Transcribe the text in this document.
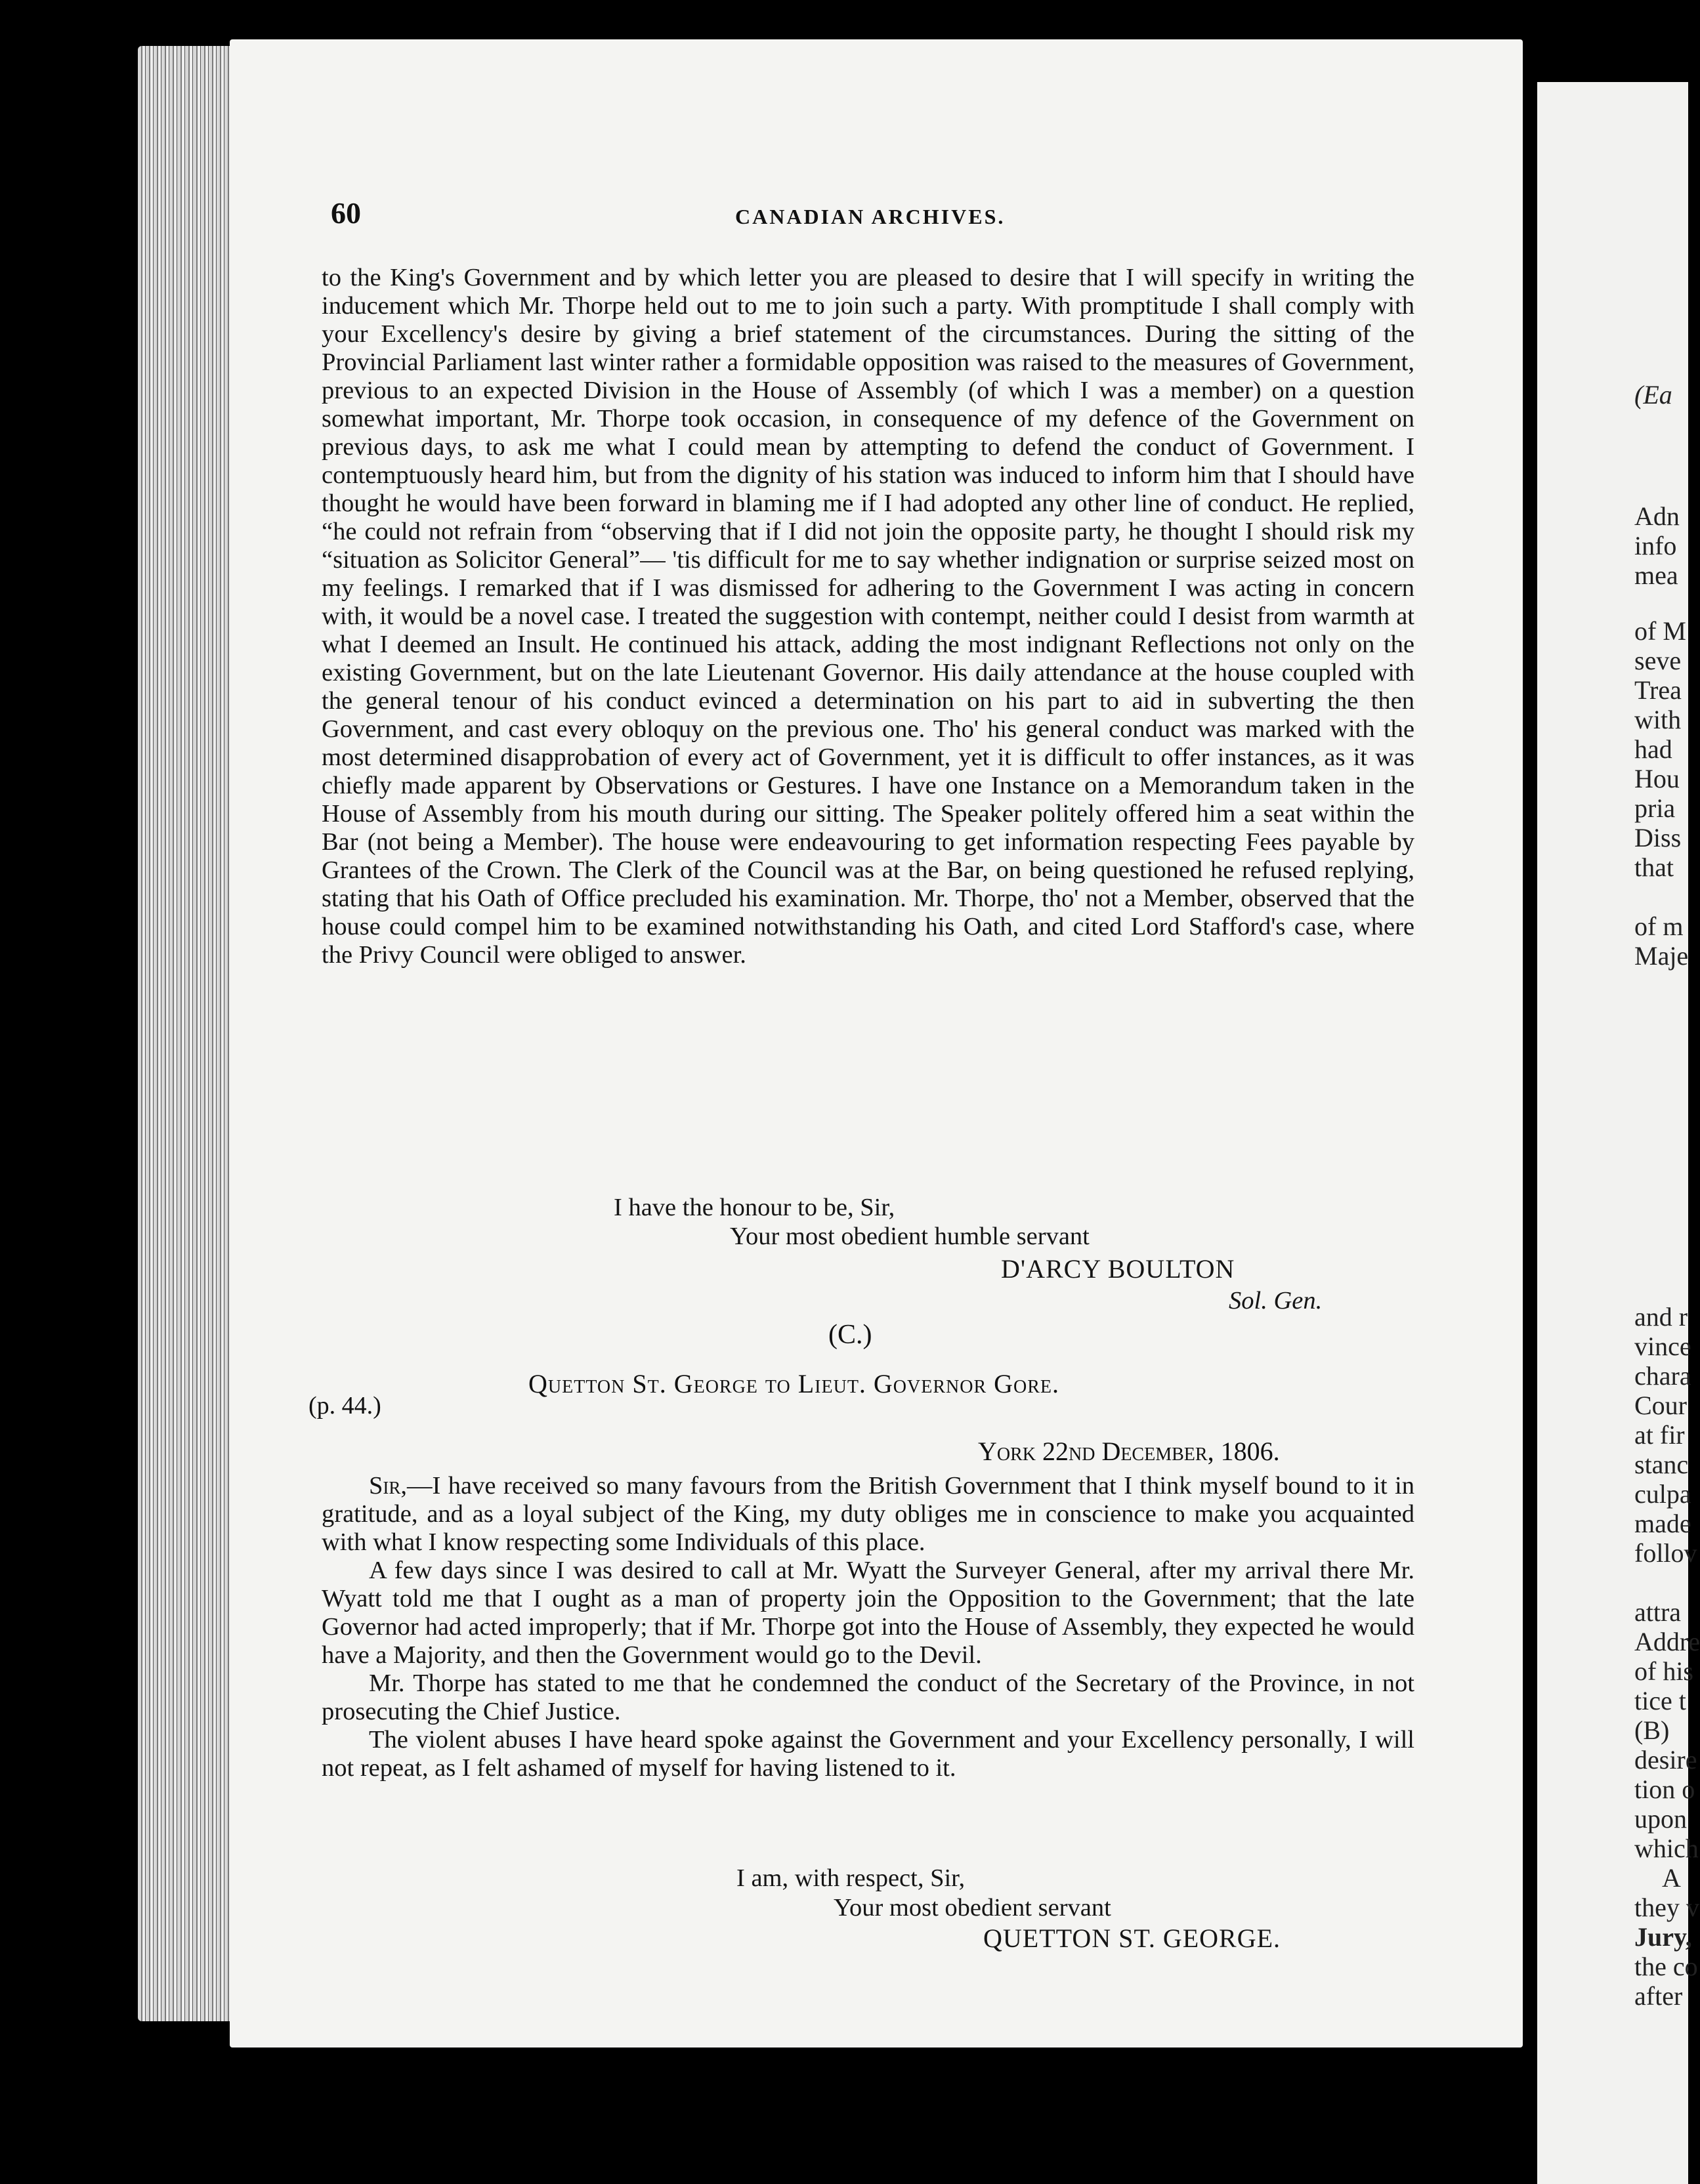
(Ea
Adn
info
mea
of M
seve
Trea
with
had
Hou
pria
Diss
that
of m
Maje
and r
vince
chara
Cour
at fir
stanc
culpa
made
follov
attra
Addre
of his
tice t
(B)
desire
tion o
upon
which
A
they v
Jury,
the co
after
60	CANADIAN ARCHIVES.
to the King's Government and by which letter you are pleased to desire that I will specify in writing the inducement which Mr. Thorpe held out to me to join such a party. With promptitude I shall comply with your Excellency's desire by giving a brief statement of the circumstances. During the sitting of the Provincial Parliament last winter rather a formidable opposition was raised to the measures of Government, previous to an expected Division in the House of Assembly (of which I was a member) on a question somewhat important, Mr. Thorpe took occasion, in consequence of my defence of the Government on previous days, to ask me what I could mean by attempting to defend the conduct of Government. I contemptuously heard him, but from the dignity of his station was induced to inform him that I should have thought he would have been forward in blaming me if I had adopted any other line of conduct. He replied, “he could not refrain from “observing that if I did not join the opposite party, he thought I should risk my “situation as Solicitor General”— 'tis difficult for me to say whether indignation or surprise seized most on my feelings. I remarked that if I was dismissed for adhering to the Government I was acting in concern with, it would be a novel case. I treated the suggestion with contempt, neither could I desist from warmth at what I deemed an Insult. He continued his attack, adding the most indignant Reflections not only on the existing Government, but on the late Lieutenant Governor. His daily attendance at the house coupled with the general tenour of his conduct evinced a determination on his part to aid in subverting the then Government, and cast every obloquy on the previous one. Tho' his general conduct was marked with the most determined disapprobation of every act of Government, yet it is difficult to offer instances, as it was chiefly made apparent by Observations or Gestures. I have one Instance on a Memorandum taken in the House of Assembly from his mouth during our sitting. The Speaker politely offered him a seat within the Bar (not being a Member). The house were endeavouring to get information respecting Fees payable by Grantees of the Crown. The Clerk of the Council was at the Bar, on being questioned he refused replying, stating that his Oath of Office precluded his examination. Mr. Thorpe, tho' not a Member, observed that the house could compel him to be examined notwithstanding his Oath, and cited Lord Stafford's case, where the Privy Council were obliged to answer.
I have the honour to be, Sir,
Your most obedient humble servant
D'ARCY BOULTON
Sol. Gen.
(C.)
Quetton St. George to Lieut. Governor Gore.
(p. 44.)
York 22nd December, 1806.

Sir,—I have received so many favours from the British Government that I think myself bound to it in gratitude, and as a loyal subject of the King, my duty obliges me in conscience to make you acquainted with what I know respecting some Individuals of this place.

A few days since I was desired to call at Mr. Wyatt the Surveyer General, after my arrival there Mr. Wyatt told me that I ought as a man of property join the Opposition to the Government; that the late Governor had acted improperly; that if Mr. Thorpe got into the House of Assembly, they expected he would have a Majority, and then the Government would go to the Devil.

Mr. Thorpe has stated to me that he condemned the conduct of the Secretary of the Province, in not prosecuting the Chief Justice.

The violent abuses I have heard spoke against the Government and your Excellency personally, I will not repeat, as I felt ashamed of myself for having listened to it.

I am, with respect, Sir,
Your most obedient servant
QUETTON ST. GEORGE.
